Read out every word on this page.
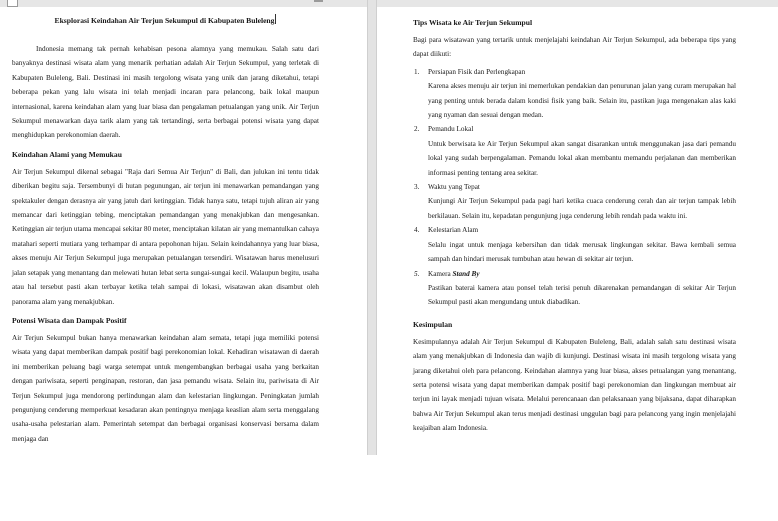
Eksplorasi Keindahan Air Terjun Sekumpul di Kabupaten Buleleng

Indonesia memang tak pernah kehabisan pesona alamnya yang memukau. Salah satu dari banyaknya destinasi wisata alam yang menarik perhatian adalah Air Terjun Sekumpul, yang terletak di Kabupaten Buleleng, Bali. Destinasi ini masih tergolong wisata yang unik dan jarang diketahui, tetapi beberapa pekan yang lalu wisata ini telah menjadi incaran para pelancong, baik lokal maupun internasional, karena keindahan alam yang luar biasa dan pengalaman petualangan yang unik. Air Terjun Sekumpul menawarkan daya tarik alam yang tak tertandingi, serta berbagai potensi wisata yang dapat menghidupkan perekonomian daerah.

Keindahan Alami yang Memukau

Air Terjun Sekumpul dikenal sebagai "Raja dari Semua Air Terjun" di Bali, dan julukan ini tentu tidak diberikan begitu saja. Tersembunyi di hutan pegunungan, air terjun ini menawarkan pemandangan yang spektakuler dengan derasnya air yang jatuh dari ketinggian. Tidak hanya satu, tetapi tujuh aliran air yang memancar dari ketinggian tebing, menciptakan pemandangan yang menakjubkan dan mengesankan. Ketinggian air terjun utama mencapai sekitar 80 meter, menciptakan kilatan air yang memantulkan cahaya matahari seperti mutiara yang terhampar di antara pepohonan hijau. Selain keindahannya yang luar biasa, akses menuju Air Terjun Sekumpul juga merupakan petualangan tersendiri. Wisatawan harus menelusuri jalan setapak yang menantang dan melewati hutan lebat serta sungai-sungai kecil. Walaupun begitu, usaha atau hal tersebut pasti akan terbayar ketika telah sampai di lokasi, wisatawan akan disambut oleh panorama alam yang menakjubkan.

Potensi Wisata dan Dampak Positif

Air Terjun Sekumpul bukan hanya menawarkan keindahan alam semata, tetapi juga memiliki potensi wisata yang dapat memberikan dampak positif bagi perekonomian lokal. Kehadiran wisatawan di daerah ini memberikan peluang bagi warga setempat untuk mengembangkan berbagai usaha yang berkaitan dengan pariwisata, seperti penginapan, restoran, dan jasa pemandu wisata. Selain itu, pariwisata di Air Terjun Sekumpul juga mendorong perlindungan alam dan kelestarian lingkungan. Peningkatan jumlah pengunjung cenderung memperkuat kesadaran akan pentingnya menjaga keaslian alam serta menggalang usaha-usaha pelestarian alam. Pemerintah setempat dan berbagai organisasi konservasi bersama dalam menjaga dan

Tips Wisata ke Air Terjun Sekumpul

Bagi para wisatawan yang tertarik untuk menjelajahi keindahan Air Terjun Sekumpul, ada beberapa tips yang dapat diikuti:

1. Persiapan Fisik dan Perlengkapan
Karena akses menuju air terjun ini memerlukan pendakian dan penurunan jalan yang curam merupakan hal yang penting untuk berada dalam kondisi fisik yang baik. Selain itu, pastikan juga mengenakan alas kaki yang nyaman dan sesuai dengan medan.
2. Pemandu Lokal
Untuk berwisata ke Air Terjun Sekumpul akan sangat disarankan untuk menggunakan jasa dari pemandu lokal yang sudah berpengalaman. Pemandu lokal akan membantu memandu perjalanan dan memberikan informasi penting tentang area sekitar.
3. Waktu yang Tepat
Kunjungi Air Terjun Sekumpul pada pagi hari ketika cuaca cenderung cerah dan air terjun tampak lebih berkilauan. Selain itu, kepadatan pengunjung juga cenderung lebih rendah pada waktu ini.
4. Kelestarian Alam
Selalu ingat untuk menjaga kebersihan dan tidak merusak lingkungan sekitar. Bawa kembali semua sampah dan hindari merusak tumbuhan atau hewan di sekitar air terjun.
5. Kamera Stand By
Pastikan baterai kamera atau ponsel telah terisi penuh dikarenakan pemandangan di sekitar Air Terjun Sekumpul pasti akan mengundang untuk diabadikan.
Kesimpulan

Kesimpulannya adalah Air Terjun Sekumpul di Kabupaten Buleleng, Bali, adalah salah satu destinasi wisata alam yang menakjubkan di Indonesia dan wajib di kunjungi. Destinasi wisata ini masih tergolong wisata yang jarang diketahui oleh para pelancong. Keindahan alamnya yang luar biasa, akses petualangan yang menantang, serta potensi wisata yang dapat memberikan dampak positif bagi perekonomian dan lingkungan membuat air terjun ini layak menjadi tujuan wisata. Melalui perencanaan dan pelaksanaan yang bijaksana, dapat diharapkan bahwa Air Terjun Sekumpul akan terus menjadi destinasi unggulan bagi para pelancong yang ingin menjelajahi keajaiban alam Indonesia.
